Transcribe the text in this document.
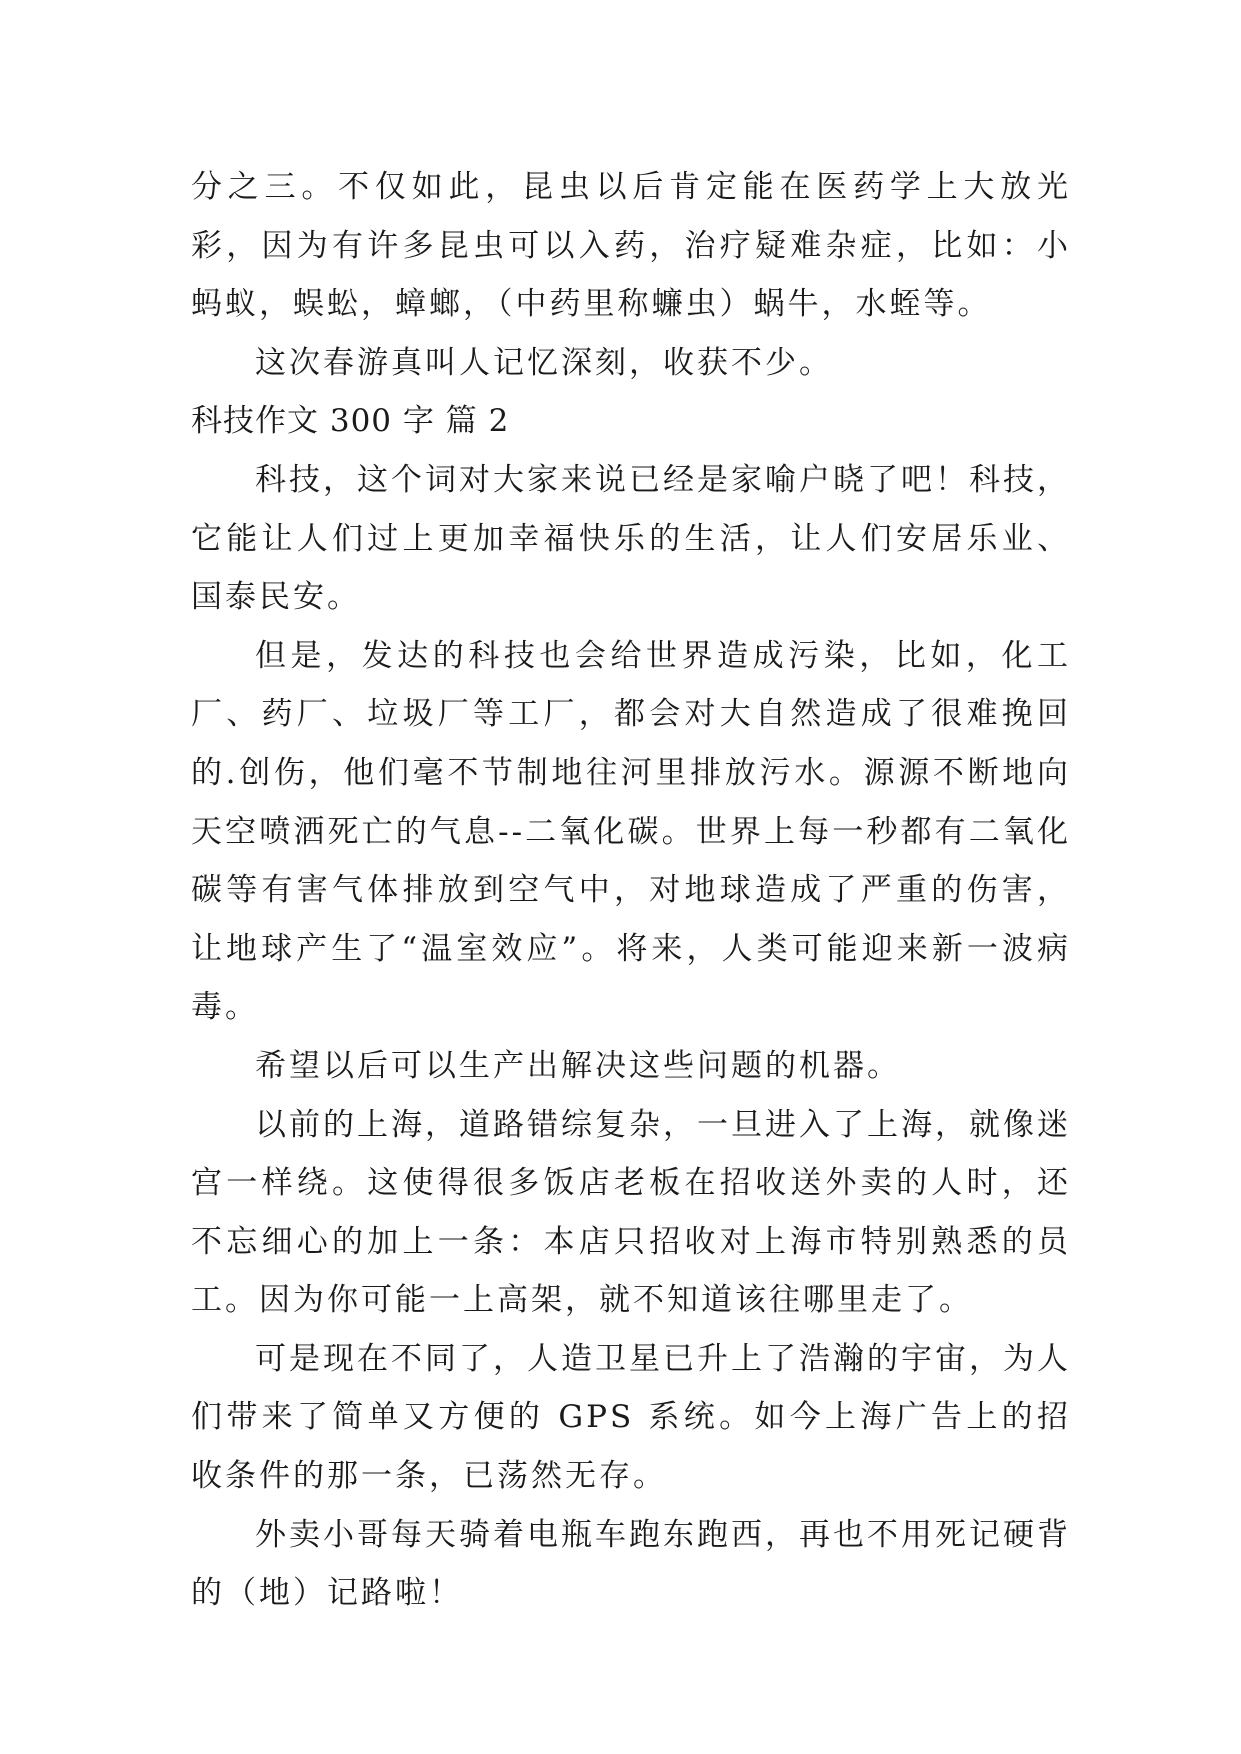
分之三。不仅如此，昆虫以后肯定能在医药学上大放光彩，因为有许多昆虫可以入药，治疗疑难杂症，比如：小蚂蚁，蜈蚣，蟑螂，（中药里称蠊虫）蜗牛，水蛭等。

这次春游真叫人记忆深刻，收获不少。

科技作文 300 字 篇 2

科技，这个词对大家来说已经是家喻户晓了吧！科技，它能让人们过上更加幸福快乐的生活，让人们安居乐业、国泰民安。

但是，发达的科技也会给世界造成污染，比如，化工厂、药厂、垃圾厂等工厂，都会对大自然造成了很难挽回的.创伤，他们毫不节制地往河里排放污水。源源不断地向天空喷洒死亡的气息--二氧化碳。世界上每一秒都有二氧化碳等有害气体排放到空气中，对地球造成了严重的伤害，让地球产生了“温室效应”。将来，人类可能迎来新一波病毒。

希望以后可以生产出解决这些问题的机器。

以前的上海，道路错综复杂，一旦进入了上海，就像迷宫一样绕。这使得很多饭店老板在招收送外卖的人时，还不忘细心的加上一条：本店只招收对上海市特别熟悉的员工。因为你可能一上高架，就不知道该往哪里走了。

可是现在不同了，人造卫星已升上了浩瀚的宇宙，为人们带来了简单又方便的 GPS 系统。如今上海广告上的招收条件的那一条，已荡然无存。

外卖小哥每天骑着电瓶车跑东跑西，再也不用死记硬背的（地）记路啦！
